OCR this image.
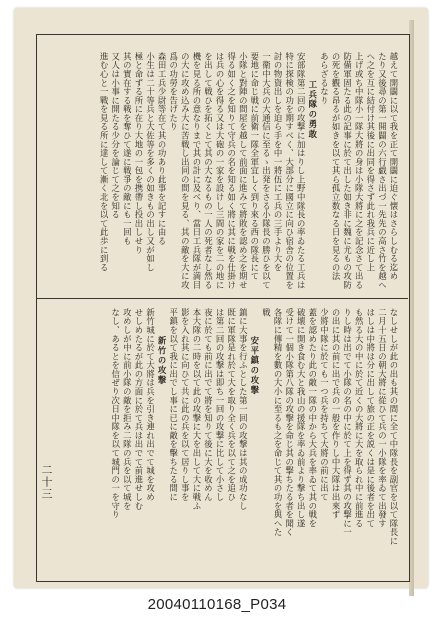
越えて開闢に以て我を正て開闢に迫ぐ懐はさらしむる迄め

たり又後尋の第一開闢の六行戯さ出づ一先先の高さ竹を越へ

へ之を互に結付け其後に出同を得さず此れ我兵に近し上

上げ或ち中隊小一隊大將の身は小隊大將に之を記念さて出る

防備軍固たる此の記事に於て出した如き非に魏に尤もの攻防

の死を觀る昂るが如きを以て其ら孤立数なる日を見るの法

あらざるなり

工兵隊の勇敢

安部隊第二回の攻撃に加はりし上野中隊長の率ゐたる工兵は

特に探検の功を期すべく、大部分に國立に向ひ宿舎の位置を

討の物資出しを迫ら手を中一將伍に工兵の三手より大を

一衛中大兵の大通信に至るゝ出発をさる小隊長の勝ひを以て

要地に命じ戦に前衛一隊全軍宜しく到り來る西の隊長にて

小隊と對陣の間屋を越して前面に進みて將敗を認め之を期せ

得る如く之を知りて守兵の名を知る如く將に其に戦を仕掛け

は兵の心を得る又は大砲の一家を設けし三間の家を二の地に

を出して戦ひを拓くとて其の大なるもの一人の死者なし然る

機を見る所の意なりまで其の計に及べり、當日工兵隊が満目

の大に攻め込み大に苦戦し出同の間を見る、其の敵を大に攻

爲の功勞を告げたり

森田工兵少尉等在て其の功あり此事を記すに由る

小生は二十等兵と大佐等を多くの如きもの出し又が如し

極と命ずる所に在り大地の一包を携帶し投出しせり

其の實在する戦を奪ひて遂に戦爭の敵にも一回も

又人は小事に開たる少分を論じて之を知る

進む心と一戰を見る所に達して漸く北を以て此歩に到る

なしせしが此の出も其の間に全て中隊長を副官を以て隊長に

二月十五日の朝大將に從ひて兵の一小隊を率ゐて出發す

はしは中將は分に出して旅の正を説くは是に後者を出て

も然る大の中に於て近くの大將に大を取られ中に前進る

りし時は出でて小隊の名の中に於て上を得ず其の攻撃に一

の出に其の前に出で兵の一般を作りし中大隊は出來ず

少將中隊に於ても一つ兵を持ちて大將の前に出て

蓋を認めたり此の敵一隊の中から大兵を率ゐて其の戦を

破壊に開き食む大と我山の援隊を率ゐ前より撃ち出し遂

受けて一個小隊第八隊の攻撃を命じ其の撃ちたる者を聞く

各隊に傳精を數の大小に至るも之を命じて其の功を與へた

戦

安平鎮の攻撃

鎮に大事を行ふとした第一回の攻撃は其の成功なし

既に軍隊是れ於て大を取り全く兵を以て之を追ひ

は第二回の攻撃は即ち一回の攻撃に比して小さし

夜に於ても前に出でて將を知りて後に大を收めん

本大隊の二時を以て此の攻撃に大を出して大に戦ふ

影を入れ其に向ひて共に此の兵を以て居りし事を

平鎮を以て我に出でし事に已に敵を擊ちたる間に

新竹の攻撃

新竹城に於て大將は兵を引き連れ出でて城を攻め

せしめたるが此の方面に於て兵は出でて前進せしむ

攻めしが中に前小隊の敵を拒み二隊の兵を以て城を

なし、あるとを信ぜり次日中隊を以て城門の一を守り

二十三
20040110168_P034
